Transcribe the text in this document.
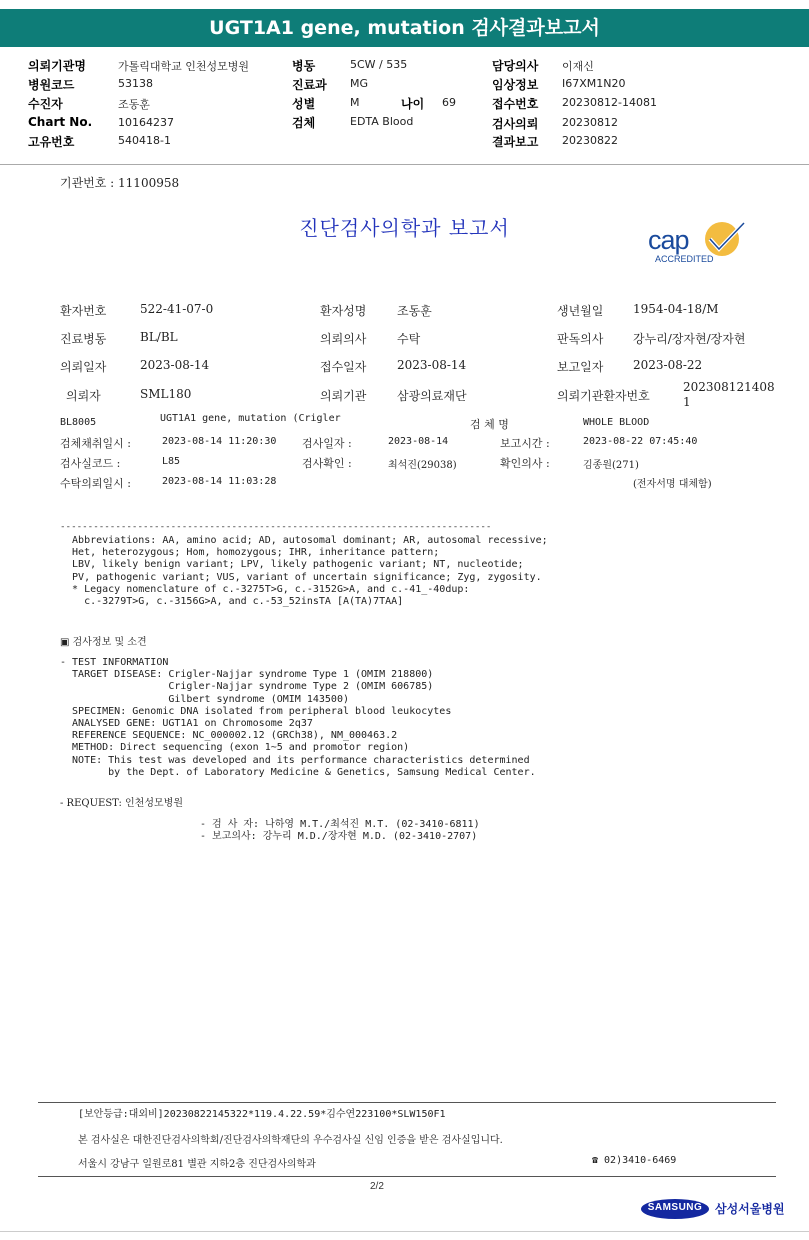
UGT1A1 gene, mutation 검사결과보고서
의뢰기관명	가톨릭대학교 인천성모병원
병원코드	53138
수진자	조동훈
Chart No. 10164237
고유번호	540418-1
병동	5CW / 535
진료과 MG
성별	M	나이 69
검체	EDTA Blood
담당의사 이재신
임상정보 I67XM1N20
접수번호 20230812-14081
검사의뢰 20230812
결과보고 20230822
기관번호 : 11100958
진단검사의학과 보고서	cap
ACCREDITED
환자번호	522-41-07-0	환자성명	조동훈	생년월일 1954-04-18/M
진료병동	BL/BL	의뢰의사	수탁	판독의사 강누리/장자현/장자현
의뢰일자	2023-08-14	접수일자	2023-08-14	보고일자 2023-08-22
의뢰자	SML180	의뢰기관	삼광의료재단	의뢰기관환자번호
202308121408
1
BL8005	UGT1A1 gene, mutation (Crigler	검 체 명	WHOLE BLOOD
검체채취일시 :	2023-08-14 11:20:30 검사일자 :	2023-08-14	보고시간 :	2023-08-22 07:45:40
검사실코드 :	L85	검사확인 :	최석진(29038)	확인의사 :	김종원(271)
수탁의뢰일시 :	2023-08-14 11:03:28	(전자서명 대체함)
------------------------------------------------------------------------------
Abbreviations: AA, amino acid; AD, autosomal dominant; AR, autosomal recessive;
Het, heterozygous; Hom, homozygous; IHR, inheritance pattern;
LBV, likely benign variant; LPV, likely pathogenic variant; NT, nucleotide;
PV, pathogenic variant; VUS, variant of uncertain significance; Zyg, zygosity.
* Legacy nomenclature of c.-3275T>G, c.-3152G>A, and c.-41_-40dup:
c.-3279T>G, c.-3156G>A, and c.-53_52insTA [A(TA)7TAA]
▣ 검사정보 및 소견
- TEST INFORMATION
TARGET DISEASE: Crigler-Najjar syndrome Type 1 (OMIM 218800)
Crigler-Najjar syndrome Type 2 (OMIM 606785)
Gilbert syndrome (OMIM 143500)
SPECIMEN: Genomic DNA isolated from peripheral blood leukocytes
ANALYSED GENE: UGT1A1 on Chromosome 2q37
REFERENCE SEQUENCE: NC_000002.12 (GRCh38), NM_000463.2
METHOD: Direct sequencing (exon 1~5 and promotor region)
NOTE: This test was developed and its performance characteristics determined
by the Dept. of Laboratory Medicine & Genetics, Samsung Medical Center.
- REQUEST: 인천성모병원
- 검 사 자: 나하영 M.T./최석진 M.T. (02-3410-6811)
- 보고의사: 강누리 M.D./장자현 M.D. (02-3410-2707)
[보안등급:대외비]20230822145322*119.4.22.59*김수연223100*SLW150F1
본 검사실은 대한진단검사의학회/진단검사의학재단의 우수검사실 신임 인증을 받은 검사실입니다.
서울시 강남구 일원로81 별관 지하2층 진단검사의학과	☎ 02)3410-6469
2/2
SAMSUNG	삼성서울병원
